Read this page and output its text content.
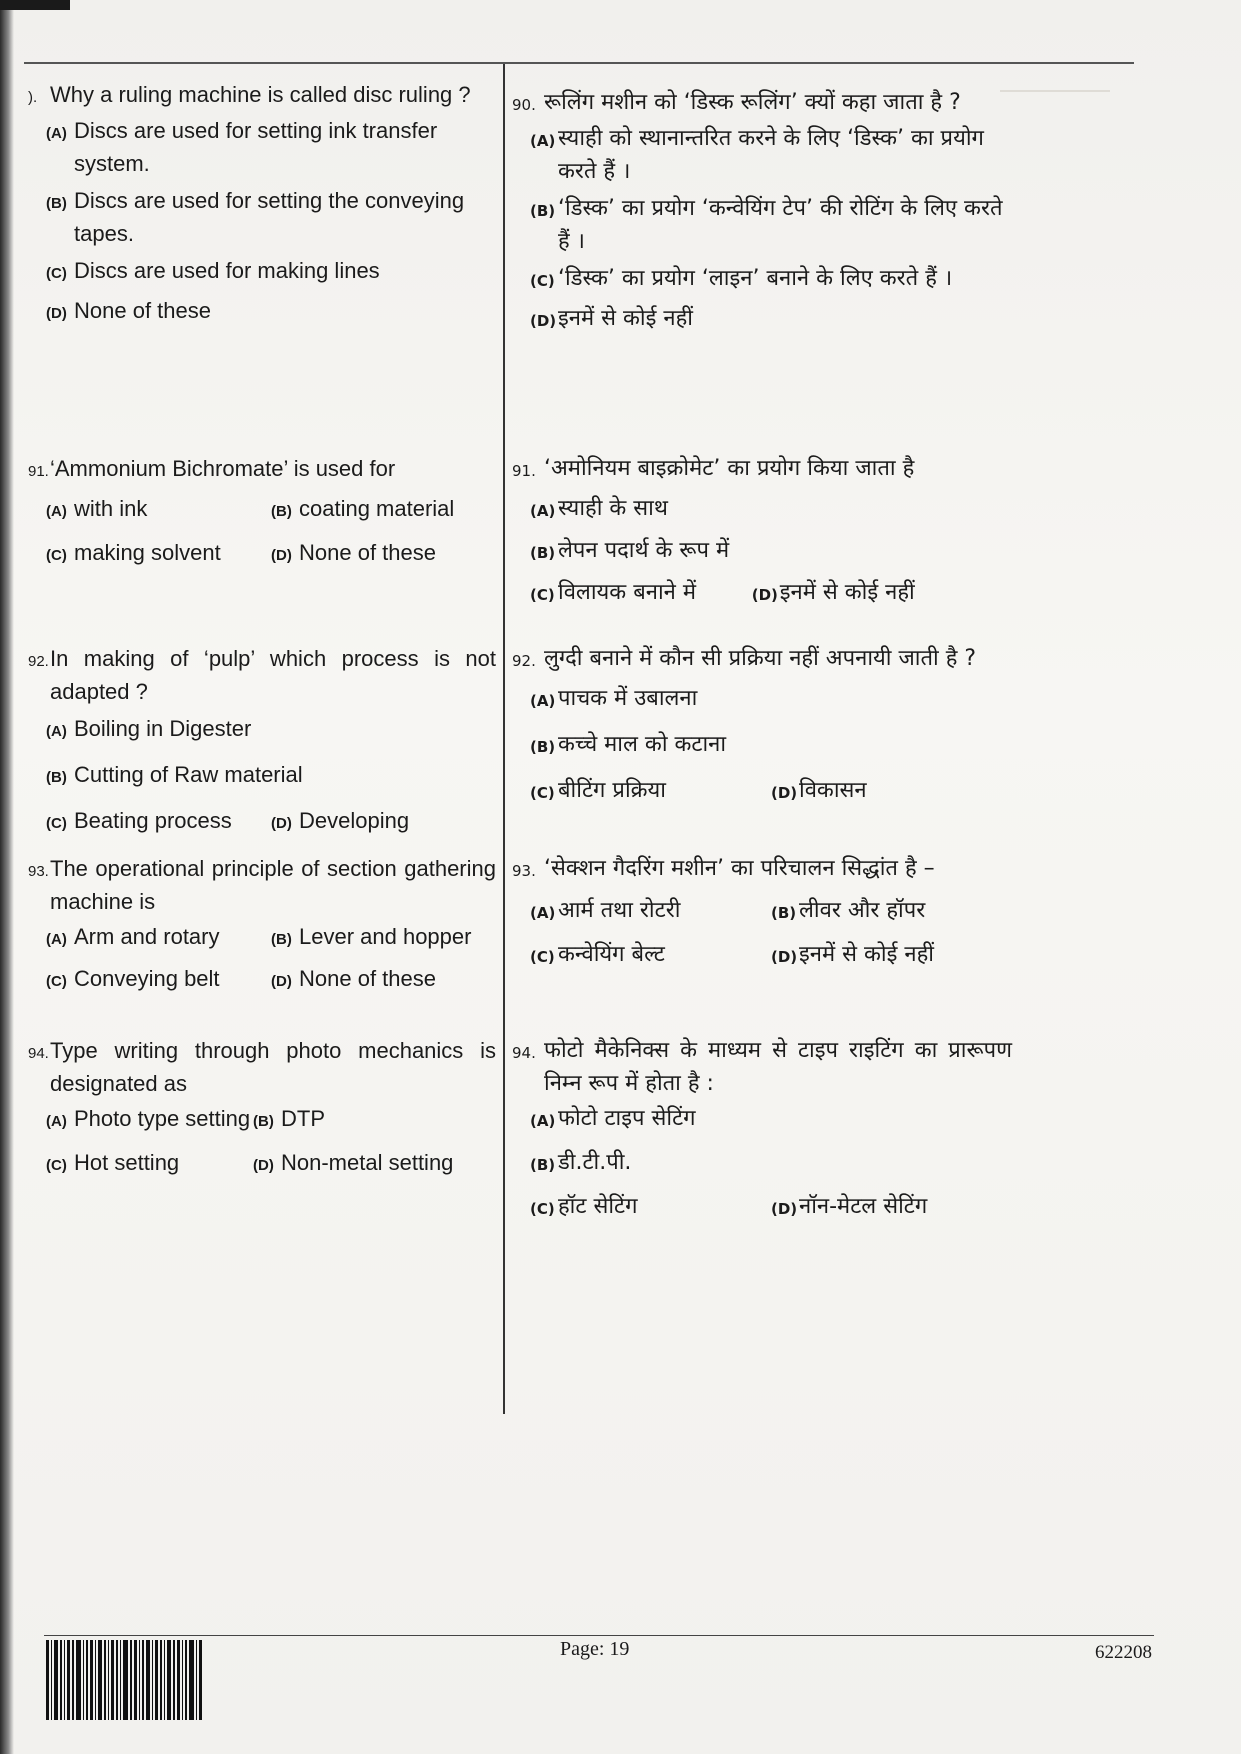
). Why a ruling machine is called disc ruling ?
(A) Discs are used for setting ink transfer system.
(B) Discs are used for setting the conveying tapes.
(C) Discs are used for making lines
(D) None of these
90. रूलिंग मशीन को ‘डिस्क रूलिंग’ क्यों कहा जाता है ?
(A) स्याही को स्थानान्तरित करने के लिए ‘डिस्क’ का प्रयोग करते हैं ।
(B) ‘डिस्क’ का प्रयोग ‘कन्वेयिंग टेप’ की रोटिंग के लिए करते हैं ।
(C) ‘डिस्क’ का प्रयोग ‘लाइन’ बनाने के लिए करते हैं ।
(D) इनमें से कोई नहीं
91. ‘Ammonium Bichromate’ is used for
(A) with ink	(B) coating material
(C) making solvent	(D) None of these
91. ‘अमोनियम बाइक्रोमेट’ का प्रयोग किया जाता है
(A) स्याही के साथ
(B) लेपन पदार्थ के रूप में
(C) विलायक बनाने में	(D) इनमें से कोई नहीं
92. In making of ‘pulp’ which process is not adapted ?
(A) Boiling in Digester
(B) Cutting of Raw material
(C) Beating process	(D) Developing
92. लुग्दी बनाने में कौन सी प्रक्रिया नहीं अपनायी जाती है ?
(A) पाचक में उबालना
(B) कच्चे माल को कटाना
(C) बीटिंग प्रक्रिया	(D) विकासन
93. The operational principle of section gathering machine is
(A) Arm and rotary	(B) Lever and hopper
(C) Conveying belt	(D) None of these
93. ‘सेक्शन गैदरिंग मशीन’ का परिचालन सिद्धांत है –
(A) आर्म तथा रोटरी	(B) लीवर और हॉपर
(C) कन्वेयिंग बेल्ट	(D) इनमें से कोई नहीं
94. Type writing through photo mechanics is designated as
(A) Photo type setting (B) DTP
(C) Hot setting	(D) Non-metal setting
94. फोटो मैकेनिक्स के माध्यम से टाइप राइटिंग का प्रारूपण निम्न रूप में होता है :
(A) फोटो टाइप सेटिंग
(B) डी.टी.पी.
(C) हॉट सेटिंग	(D) नॉन-मेटल सेटिंग
Page: 19	622208
